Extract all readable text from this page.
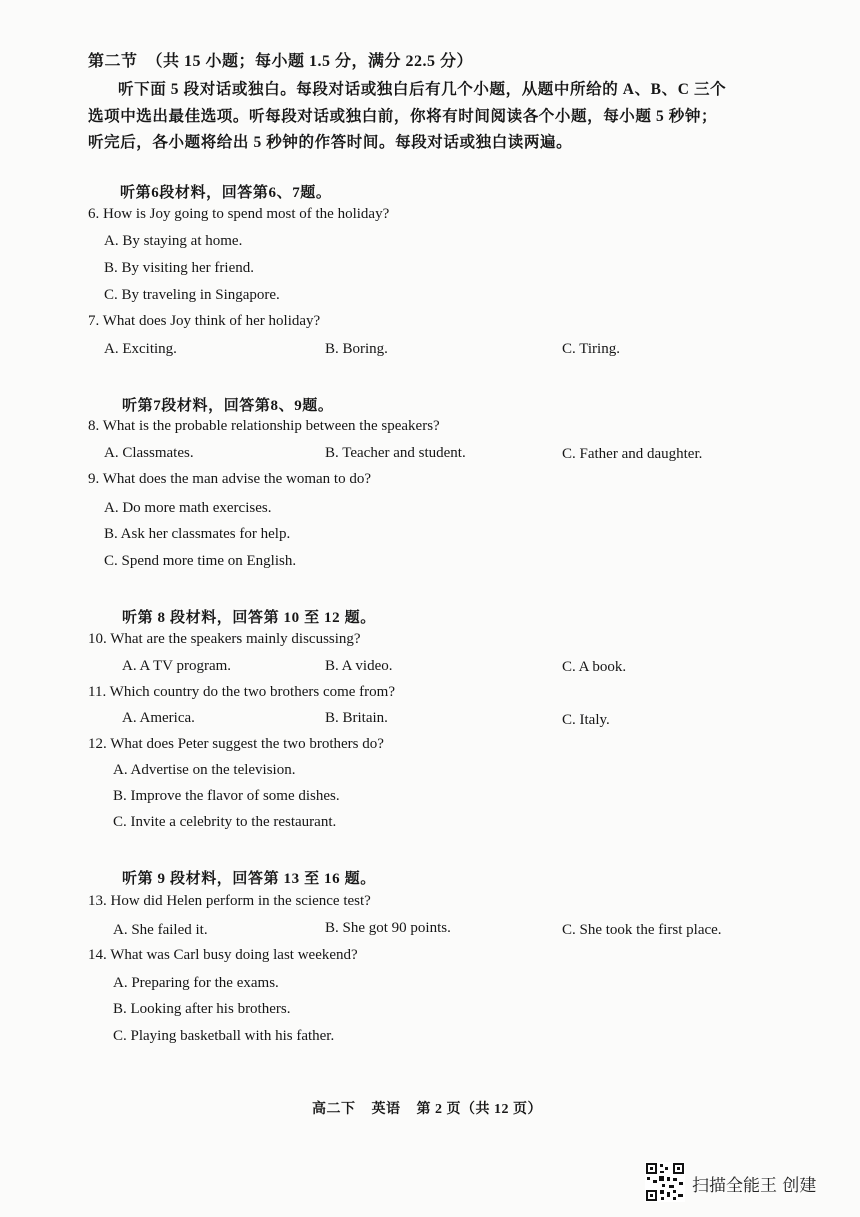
第二节 （共 15 小题；每小题 1.5 分，满分 22.5 分）
听下面 5 段对话或独白。每段对话或独白后有几个小题，从题中所给的 A、B、C 三个
选项中选出最佳选项。听每段对话或独白前，你将有时间阅读各个小题，每小题 5 秒钟；
听完后，各小题将给出 5 秒钟的作答时间。每段对话或独白读两遍。
听第6段材料，回答第6、7题。
6. How is Joy going to spend most of the holiday?
A. By staying at home.
B. By visiting her friend.
C. By traveling in Singapore.
7. What does Joy think of her holiday?
A. Exciting.	B. Boring.	C. Tiring.
听第7段材料，回答第8、9题。
8. What is the probable relationship between the speakers?
A. Classmates.	B. Teacher and student.	C. Father and daughter.
9. What does the man advise the woman to do?
A. Do more math exercises.
B. Ask her classmates for help.
C. Spend more time on English.
听第 8 段材料，回答第 10 至 12 题。
10. What are the speakers mainly discussing?
A. A TV program.	B. A video.	C. A book.
11. Which country do the two brothers come from?
A. America.	B. Britain.	C. Italy.
12. What does Peter suggest the two brothers do?
A. Advertise on the television.
B. Improve the flavor of some dishes.
C. Invite a celebrity to the restaurant.
听第 9 段材料，回答第 13 至 16 题。
13. How did Helen perform in the science test?
A. She failed it.	B. She got 90 points.	C. She took the first place.
14. What was Carl busy doing last weekend?
A. Preparing for the exams.
B. Looking after his brothers.
C. Playing basketball with his father.
高二下 英语 第 2 页（共 12 页）
扫描全能王 创建
